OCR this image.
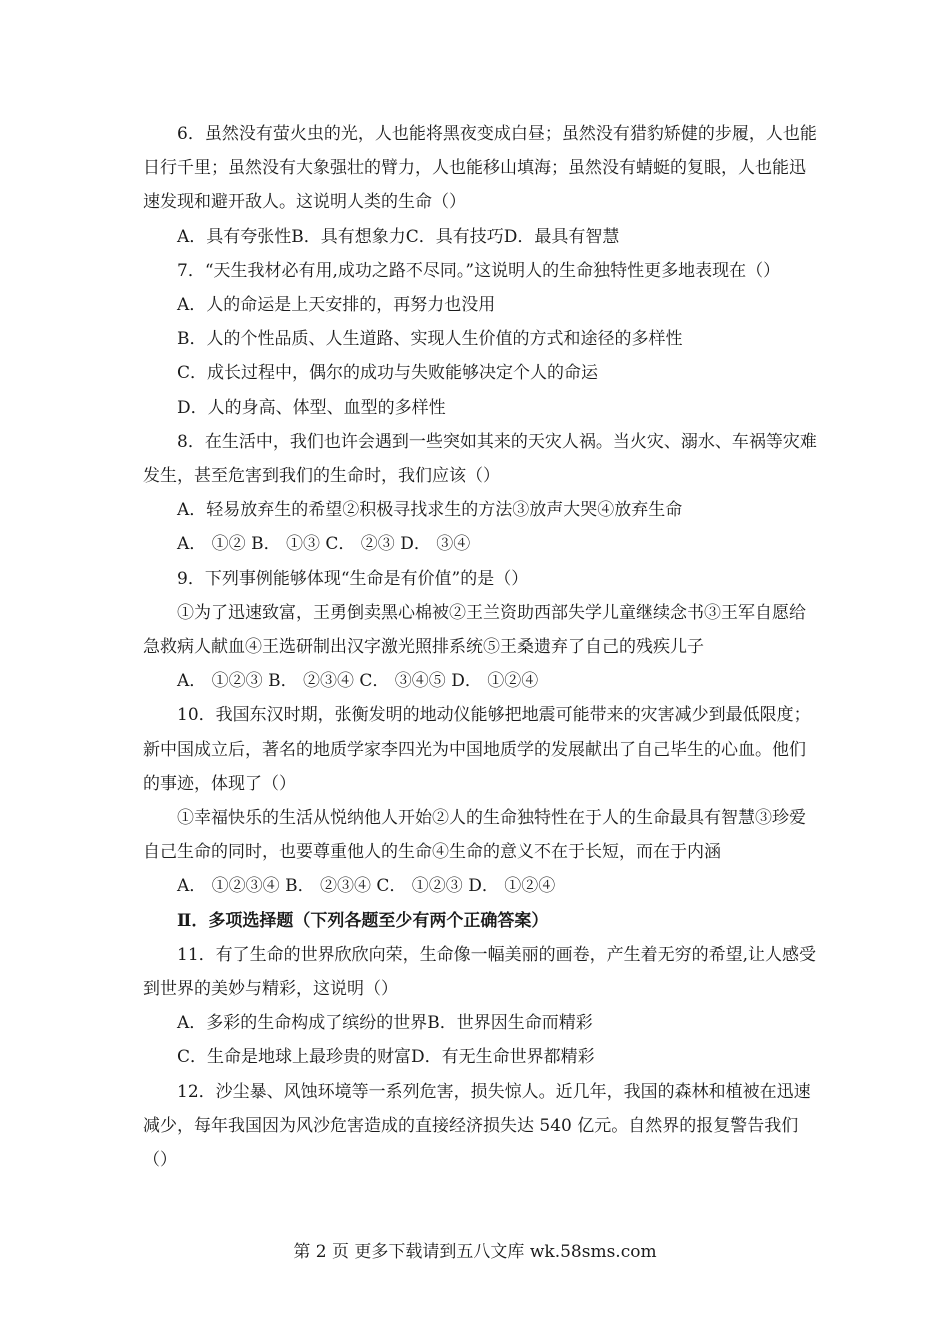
6．虽然没有萤火虫的光，人也能将黑夜变成白昼；虽然没有猎豹矫健的步履，人也能

日行千里；虽然没有大象强壮的臂力，人也能移山填海；虽然没有蜻蜓的复眼，人也能迅

速发现和避开敌人。这说明人类的生命（）

A．具有夸张性B．具有想象力C．具有技巧D．最具有智慧

7．“天生我材必有用,成功之路不尽同。”这说明人的生命独特性更多地表现在（）

A．人的命运是上天安排的，再努力也没用

B．人的个性品质、人生道路、实现人生价值的方式和途径的多样性

C．成长过程中，偶尔的成功与失败能够决定个人的命运

D．人的身高、体型、血型的多样性

8．在生活中，我们也许会遇到一些突如其来的天灾人祸。当火灾、溺水、车祸等灾难

发生，甚至危害到我们的生命时，我们应该（）

A．轻易放弃生的希望②积极寻找求生的方法③放声大哭④放弃生命

A． ①② B． ①③ C． ②③ D． ③④

9．下列事例能够体现“生命是有价值”的是（）

①为了迅速致富，王勇倒卖黑心棉被②王兰资助西部失学儿童继续念书③王军自愿给

急救病人献血④王选研制出汉字激光照排系统⑤王桑遗弃了自己的残疾儿子

A． ①②③ B． ②③④ C． ③④⑤ D． ①②④

10．我国东汉时期，张衡发明的地动仪能够把地震可能带来的灾害减少到最低限度；

新中国成立后，著名的地质学家李四光为中国地质学的发展献出了自己毕生的心血。他们

的事迹，体现了（）

①幸福快乐的生活从悦纳他人开始②人的生命独特性在于人的生命最具有智慧③珍爱

自己生命的同时，也要尊重他人的生命④生命的意义不在于长短，而在于内涵

A． ①②③④ B． ②③④ C． ①②③ D． ①②④

Ⅱ．多项选择题（下列各题至少有两个正确答案）

11．有了生命的世界欣欣向荣，生命像一幅美丽的画卷，产生着无穷的希望,让人感受

到世界的美妙与精彩，这说明（）

A．多彩的生命构成了缤纷的世界B．世界因生命而精彩

C．生命是地球上最珍贵的财富D．有无生命世界都精彩

12．沙尘暴、风蚀环境等一系列危害，损失惊人。近几年，我国的森林和植被在迅速

减少，每年我国因为风沙危害造成的直接经济损失达 540 亿元。自然界的报复警告我们

（）

第 2 页 更多下载请到五八文库 wk.58sms.com
